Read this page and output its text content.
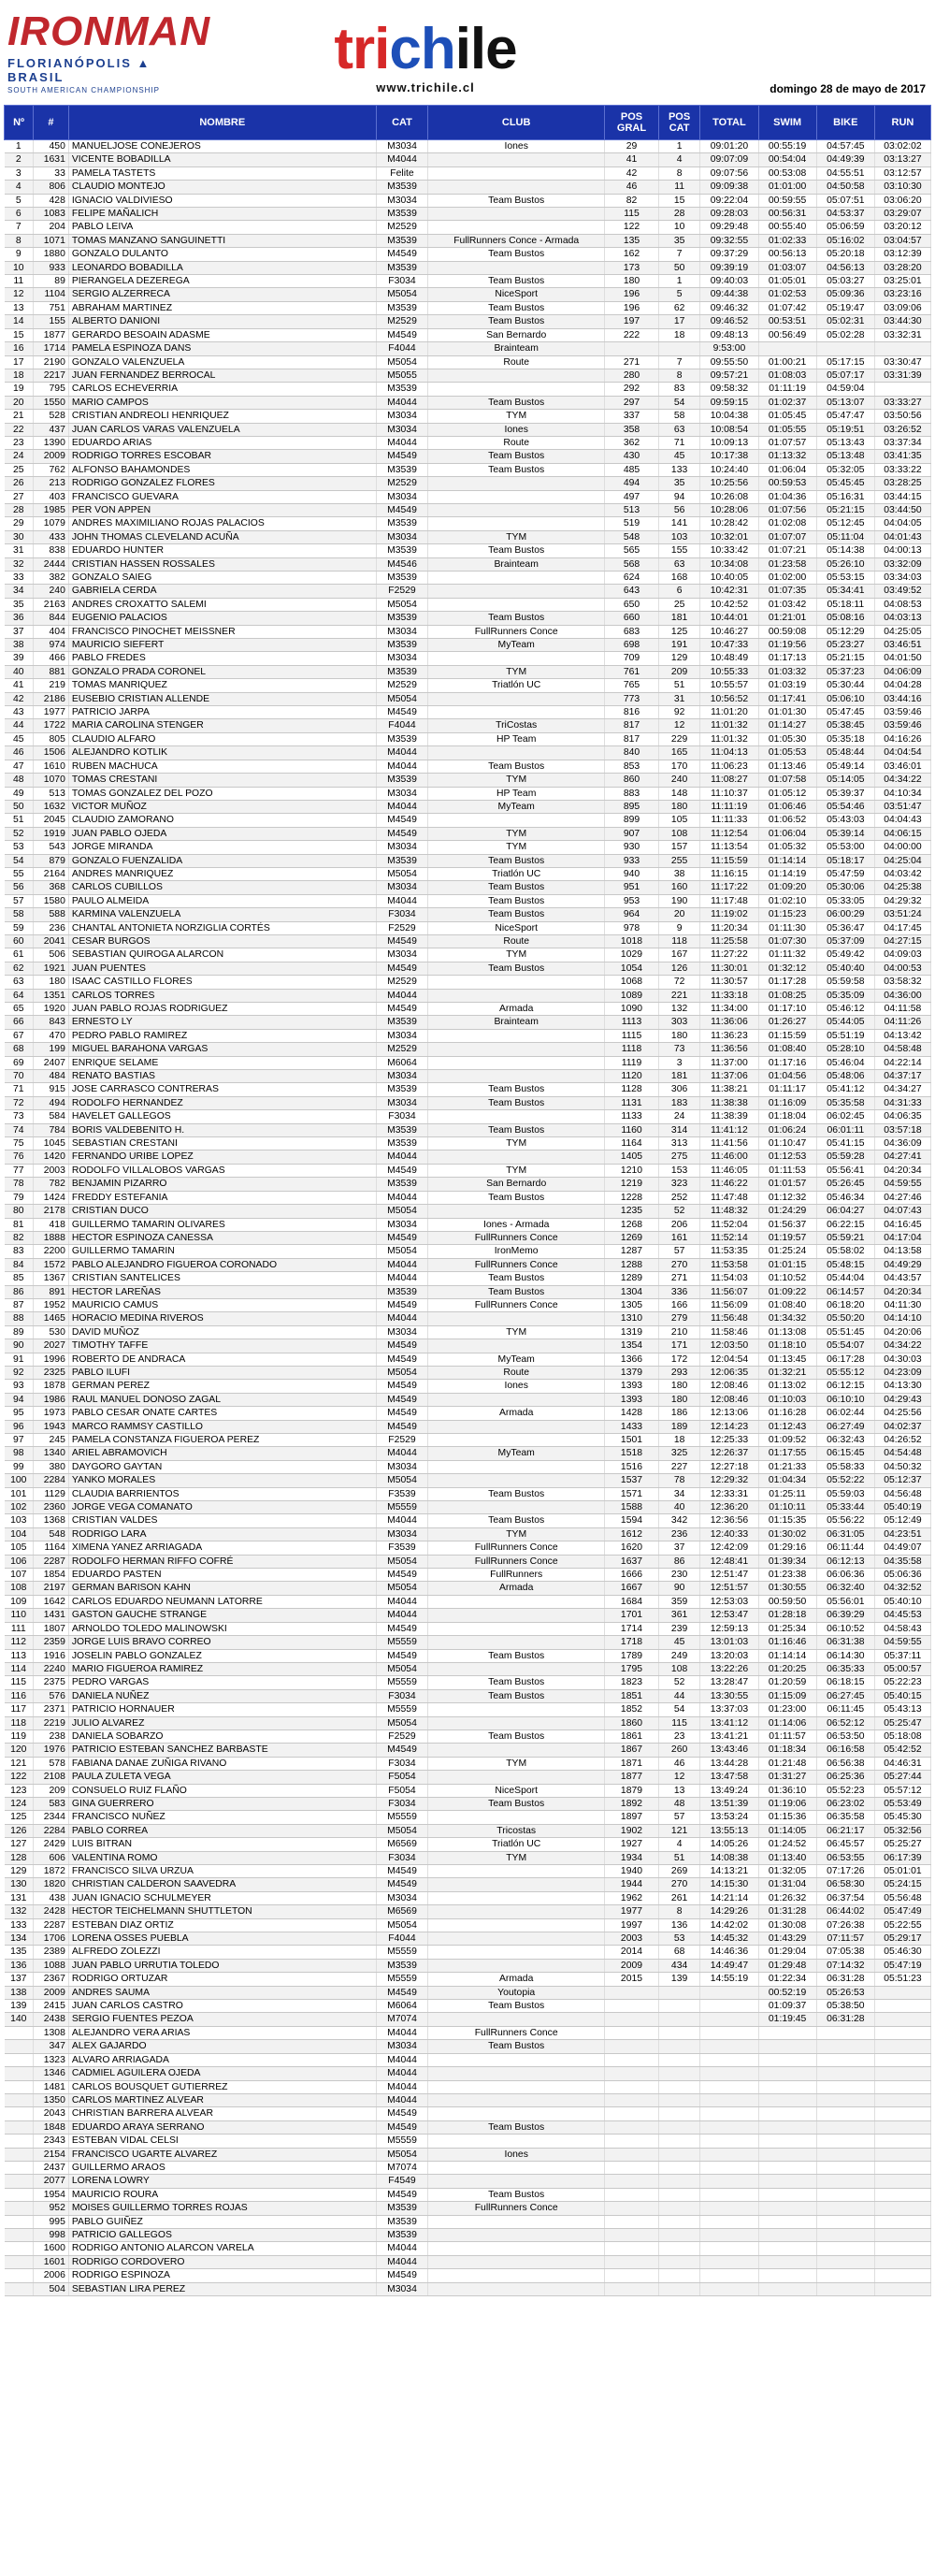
IRONMAN
FLORIANÓPOLIS ▲ BRASIL
SOUTH AMERICAN CHAMPIONSHIP
trichile
www.trichile.cl	domingo 28 de mayo de 2017
Nº	#	NOMBRE	CAT	CLUB	POS GRAL	POS CAT	TOTAL	SWIM	BIKE	RUN
1	450	MANUELJOSE CONEJEROS	M3034	Iones	29	1	09:01:20	00:55:19	04:57:45	03:02:02
2	1631	VICENTE BOBADILLA	M4044		41	4	09:07:09	00:54:04	04:49:39	03:13:27
3	33	PAMELA TASTETS	Felite		42	8	09:07:56	00:53:08	04:55:51	03:12:57
4	806	CLAUDIO MONTEJO	M3539		46	11	09:09:38	01:01:00	04:50:58	03:10:30
5	428	IGNACIO VALDIVIESO	M3034	Team Bustos	82	15	09:22:04	00:59:55	05:07:51	03:06:20
6	1083	FELIPE MAÑALICH	M3539		115	28	09:28:03	00:56:31	04:53:37	03:29:07
7	204	PABLO LEIVA	M2529		122	10	09:29:48	00:55:40	05:06:59	03:20:12
8	1071	TOMAS MANZANO SANGUINETTI	M3539	FullRunners Conce - Armada	135	35	09:32:55	01:02:33	05:16:02	03:04:57
9	1880	GONZALO DULANTO	M4549	Team Bustos	162	7	09:37:29	00:56:13	05:20:18	03:12:39
10	933	LEONARDO BOBADILLA	M3539		173	50	09:39:19	01:03:07	04:56:13	03:28:20
11	89	PIERANGELA DEZEREGA	F3034	Team Bustos	180	1	09:40:03	01:05:01	05:03:27	03:25:01
12	1104	SERGIO ALZERRECA	M5054	NiceSport	196	5	09:44:38	01:02:53	05:09:36	03:23:16
13	751	ABRAHAM MARTINEZ	M3539	Team Bustos	196	62	09:46:32	01:07:42	05:19:47	03:09:06
14	155	ALBERTO DANIONI	M2529	Team Bustos	197	17	09:46:52	00:53:51	05:02:31	03:44:30
15	1877	GERARDO BESOAIN ADASME	M4549	San Bernardo	222	18	09:48:13	00:56:49	05:02:28	03:32:31
16	1714	PAMELA ESPINOZA DANS	F4044	Brainteam			9:53:00			
17	2190	GONZALO VALENZUELA	M5054	Route	271	7	09:55:50	01:00:21	05:17:15	03:30:47
18	2217	JUAN FERNANDEZ BERROCAL	M5055		280	8	09:57:21	01:08:03	05:07:17	03:31:39
19	795	CARLOS ECHEVERRIA	M3539		292	83	09:58:32	01:11:19	04:59:04	
20	1550	MARIO CAMPOS	M4044	Team Bustos	297	54	09:59:15	01:02:37	05:13:07	03:33:27
21	528	CRISTIAN ANDREOLI HENRIQUEZ	M3034	TYM	337	58	10:04:38	01:05:45	05:47:47	03:50:56
22	437	JUAN CARLOS VARAS VALENZUELA	M3034	Iones	358	63	10:08:54	01:05:55	05:19:51	03:26:52
23	1390	EDUARDO ARIAS	M4044	Route	362	71	10:09:13	01:07:57	05:13:43	03:37:34
24	2009	RODRIGO TORRES ESCOBAR	M4549	Team Bustos	430	45	10:17:38	01:13:32	05:13:48	03:41:35
25	762	ALFONSO BAHAMONDES	M3539	Team Bustos	485	133	10:24:40	01:06:04	05:32:05	03:33:22
26	213	RODRIGO GONZALEZ FLORES	M2529		494	35	10:25:56	00:59:53	05:45:45	03:28:25
27	403	FRANCISCO GUEVARA	M3034		497	94	10:26:08	01:04:36	05:16:31	03:44:15
28	1985	PER VON APPEN	M4549		513	56	10:28:06	01:07:56	05:21:15	03:44:50
29	1079	ANDRES MAXIMILIANO ROJAS PALACIOS	M3539		519	141	10:28:42	01:02:08	05:12:45	04:04:05
30	433	JOHN THOMAS CLEVELAND ACUÑA	M3034	TYM	548	103	10:32:01	01:07:07	05:11:04	04:01:43
31	838	EDUARDO HUNTER	M3539	Team Bustos	565	155	10:33:42	01:07:21	05:14:38	04:00:13
32	2444	CRISTIAN HASSEN ROSSALES	M4546	Brainteam	568	63	10:34:08	01:23:58	05:26:10	03:32:09
33	382	GONZALO SAIEG	M3539		624	168	10:40:05	01:02:00	05:53:15	03:34:03
34	240	GABRIELA CERDA	F2529		643	6	10:42:31	01:07:35	05:34:41	03:49:52
35	2163	ANDRES CROXATTO SALEMI	M5054		650	25	10:42:52	01:03:42	05:18:11	04:08:53
36	844	EUGENIO PALACIOS	M3539	Team Bustos	660	181	10:44:01	01:21:01	05:08:16	04:03:13
37	404	FRANCISCO PINOCHET MEISSNER	M3034	FullRunners Conce	683	125	10:46:27	00:59:08	05:12:29	04:25:05
38	974	MAURICIO SIEFERT	M3539	MyTeam	698	191	10:47:33	01:19:56	05:23:27	03:46:51
39	466	PABLO FREDES	M3034		709	129	10:48:49	01:17:13	05:21:15	04:01:50
40	881	GONZALO PRADA CORONEL	M3539	TYM	761	209	10:55:33	01:03:32	05:37:23	04:06:09
41	219	TOMAS MANRIQUEZ	M2529	Triatlón UC	765	51	10:55:57	01:03:19	05:30:44	04:04:28
42	2186	EUSEBIO CRISTIAN ALLENDE	M5054		773	31	10:56:52	01:17:41	05:06:10	03:44:16
43	1977	PATRICIO JARPA	M4549		816	92	11:01:20	01:01:30	05:47:45	03:59:46
44	1722	MARIA CAROLINA STENGER	F4044	TriCostas	817	12	11:01:32	01:14:27	05:38:45	03:59:46
45	805	CLAUDIO ALFARO	M3539	HP Team	817	229	11:01:32	01:05:30	05:35:18	04:16:26
46	1506	ALEJANDRO KOTLIK	M4044		840	165	11:04:13	01:05:53	05:48:44	04:04:54
47	1610	RUBEN MACHUCA	M4044	Team Bustos	853	170	11:06:23	01:13:46	05:49:14	03:46:01
48	1070	TOMAS CRESTANI	M3539	TYM	860	240	11:08:27	01:07:58	05:14:05	04:34:22
49	513	TOMAS GONZALEZ DEL POZO	M3034	HP Team	883	148	11:10:37	01:05:12	05:39:37	04:10:34
50	1632	VICTOR MUÑOZ	M4044	MyTeam	895	180	11:11:19	01:06:46	05:54:46	03:51:47
51	2045	CLAUDIO ZAMORANO	M4549		899	105	11:11:33	01:06:52	05:43:03	04:04:43
52	1919	JUAN PABLO OJEDA	M4549	TYM	907	108	11:12:54	01:06:04	05:39:14	04:06:15
53	543	JORGE MIRANDA	M3034	TYM	930	157	11:13:54	01:05:32	05:53:00	04:00:00
54	879	GONZALO FUENZALIDA	M3539	Team Bustos	933	255	11:15:59	01:14:14	05:18:17	04:25:04
55	2164	ANDRES MANRIQUEZ	M5054	Triatlón UC	940	38	11:16:15	01:14:19	05:47:59	04:03:42
56	368	CARLOS CUBILLOS	M3034	Team Bustos	951	160	11:17:22	01:09:20	05:30:06	04:25:38
57	1580	PAULO ALMEIDA	M4044	Team Bustos	953	190	11:17:48	01:02:10	05:33:05	04:29:32
58	588	KARMINA VALENZUELA	F3034	Team Bustos	964	20	11:19:02	01:15:23	06:00:29	03:51:24
59	236	CHANTAL ANTONIETA NORZIGLIA CORTÉS	F2529	NiceSport	978	9	11:20:34	01:11:30	05:36:47	04:17:45
60	2041	CESAR BURGOS	M4549	Route	1018	118	11:25:58	01:07:30	05:37:09	04:27:15
61	506	SEBASTIAN QUIROGA ALARCON	M3034	TYM	1029	167	11:27:22	01:11:32	05:49:42	04:09:03
62	1921	JUAN PUENTES	M4549	Team Bustos	1054	126	11:30:01	01:32:12	05:40:40	04:00:53
63	180	ISAAC CASTILLO FLORES	M2529		1068	72	11:30:57	01:17:28	05:59:58	03:58:32
64	1351	CARLOS TORRES	M4044		1089	221	11:33:18	01:08:25	05:35:09	04:36:00
65	1920	JUAN PABLO ROJAS RODRIGUEZ	M4549	Armada	1090	132	11:34:00	01:17:10	05:46:12	04:11:58
66	843	ERNESTO LY	M3539	Brainteam	1113	303	11:36:06	01:26:27	05:44:05	04:11:26
67	470	PEDRO PABLO RAMIREZ	M3034		1115	180	11:36:23	01:15:59	05:51:19	04:13:42
68	199	MIGUEL BARAHONA VARGAS	M2529		1118	73	11:36:56	01:08:40	05:28:10	04:58:48
69	2407	ENRIQUE SELAME	M6064		1119	3	11:37:00	01:17:16	05:46:04	04:22:14
70	484	RENATO BASTIAS	M3034		1120	181	11:37:06	01:04:56	05:48:06	04:37:17
71	915	JOSE CARRASCO CONTRERAS	M3539	Team Bustos	1128	306	11:38:21	01:11:17	05:41:12	04:34:27
72	494	RODOLFO HERNANDEZ	M3034	Team Bustos	1131	183	11:38:38	01:16:09	05:35:58	04:31:33
73	584	HAVELET GALLEGOS	F3034		1133	24	11:38:39	01:18:04	06:02:45	04:06:35
74	784	BORIS VALDEBENITO H.	M3539	Team Bustos	1160	314	11:41:12	01:06:24	06:01:11	03:57:18
75	1045	SEBASTIAN CRESTANI	M3539	TYM	1164	313	11:41:56	01:10:47	05:41:15	04:36:09
76	1420	FERNANDO URIBE LOPEZ	M4044		1405	275	11:46:00	01:12:53	05:59:28	04:27:41
77	2003	RODOLFO VILLALOBOS VARGAS	M4549	TYM	1210	153	11:46:05	01:11:53	05:56:41	04:20:34
78	782	BENJAMIN PIZARRO	M3539	San Bernardo	1219	323	11:46:22	01:01:57	05:26:45	04:59:55
79	1424	FREDDY ESTEFANIA	M4044	Team Bustos	1228	252	11:47:48	01:12:32	05:46:34	04:27:46
80	2178	CRISTIAN DUCO	M5054		1235	52	11:48:32	01:24:29	06:04:27	04:07:43
81	418	GUILLERMO TAMARIN OLIVARES	M3034	Iones - Armada	1268	206	11:52:04	01:56:37	06:22:15	04:16:45
82	1888	HECTOR ESPINOZA CANESSA	M4549	FullRunners Conce	1269	161	11:52:14	01:19:57	05:59:21	04:17:04
83	2200	GUILLERMO TAMARIN	M5054	IronMemo	1287	57	11:53:35	01:25:24	05:58:02	04:13:58
84	1572	PABLO ALEJANDRO FIGUEROA CORONADO	M4044	FullRunners Conce	1288	270	11:53:58	01:01:15	05:48:15	04:49:29
85	1367	CRISTIAN SANTELICES	M4044	Team Bustos	1289	271	11:54:03	01:10:52	05:44:04	04:43:57
86	891	HECTOR LAREÑAS	M3539	Team Bustos	1304	336	11:56:07	01:09:22	06:14:57	04:20:34
87	1952	MAURICIO CAMUS	M4549	FullRunners Conce	1305	166	11:56:09	01:08:40	06:18:20	04:11:30
88	1465	HORACIO MEDINA RIVEROS	M4044		1310	279	11:56:48	01:34:32	05:50:20	04:14:10
89	530	DAVID MUÑOZ	M3034	TYM	1319	210	11:58:46	01:13:08	05:51:45	04:20:06
90	2027	TIMOTHY TAFFE	M4549		1354	171	12:03:50	01:18:10	05:54:07	04:34:22
91	1996	ROBERTO DE ANDRACA	M4549	MyTeam	1366	172	12:04:54	01:13:45	06:17:28	04:30:03
92	2325	PABLO ILUFI	M5054	Route	1379	293	12:06:35	01:32:21	05:55:12	04:23:09
93	1878	GERMAN PEREZ	M4549	Iones	1393	180	12:08:46	01:13:02	06:12:15	04:13:30
94	1986	RAUL MANUEL DONOSO ZAGAL	M4549		1393	180	12:08:46	01:10:03	06:10:10	04:29:43
95	1973	PABLO CESAR ONATE CARTES	M4549	Armada	1428	186	12:13:06	01:16:28	06:02:44	04:25:56
96	1943	MARCO RAMMSY CASTILLO	M4549		1433	189	12:14:23	01:12:43	06:27:49	04:02:37
97	245	PAMELA CONSTANZA FIGUEROA PEREZ	F2529		1501	18	12:25:33	01:09:52	06:32:43	04:26:52
98	1340	ARIEL ABRAMOVICH	M4044	MyTeam	1518	325	12:26:37	01:17:55	06:15:45	04:54:48
99	380	DAYGORO GAYTAN	M3034		1516	227	12:27:18	01:21:33	05:58:33	04:50:32
100	2284	YANKO MORALES	M5054		1537	78	12:29:32	01:04:34	05:52:22	05:12:37
101	1129	CLAUDIA BARRIENTOS	F3539	Team Bustos	1571	34	12:33:31	01:25:11	05:59:03	04:56:48
102	2360	JORGE VEGA COMANATO	M5559		1588	40	12:36:20	01:10:11	05:33:44	05:40:19
103	1368	CRISTIAN VALDES	M4044	Team Bustos	1594	342	12:36:56	01:15:35	05:56:22	05:12:49
104	548	RODRIGO LARA	M3034	TYM	1612	236	12:40:33	01:30:02	06:31:05	04:23:51
105	1164	XIMENA YANEZ ARRIAGADA	F3539	FullRunners Conce	1620	37	12:42:09	01:29:16	06:11:44	04:49:07
106	2287	RODOLFO HERMAN RIFFO COFRÉ	M5054	FullRunners Conce	1637	86	12:48:41	01:39:34	06:12:13	04:35:58
107	1854	EDUARDO PASTEN	M4549	FullRunners	1666	230	12:51:47	01:23:38	06:06:36	05:06:36
108	2197	GERMAN BARISON KAHN	M5054	Armada	1667	90	12:51:57	01:30:55	06:32:40	04:32:52
109	1642	CARLOS EDUARDO NEUMANN LATORRE	M4044		1684	359	12:53:03	00:59:50	05:56:01	05:40:10
110	1431	GASTON GAUCHE STRANGE	M4044		1701	361	12:53:47	01:28:18	06:39:29	04:45:53
111	1807	ARNOLDO TOLEDO MALINOWSKI	M4549		1714	239	12:59:13	01:25:34	06:10:52	04:58:43
112	2359	JORGE LUIS BRAVO CORREO	M5559		1718	45	13:01:03	01:16:46	06:31:38	04:59:55
113	1916	JOSELIN PABLO GONZALEZ	M4549	Team Bustos	1789	249	13:20:03	01:14:14	06:14:30	05:37:11
114	2240	MARIO FIGUEROA RAMIREZ	M5054		1795	108	13:22:26	01:20:25	06:35:33	05:00:57
115	2375	PEDRO VARGAS	M5559	Team Bustos	1823	52	13:28:47	01:20:59	06:18:15	05:22:23
116	576	DANIELA NUÑEZ	F3034	Team Bustos	1851	44	13:30:55	01:15:09	06:27:45	05:40:15
117	2371	PATRICIO HORNAUER	M5559		1852	54	13:37:03	01:23:00	06:11:45	05:43:13
118	2219	JULIO ALVAREZ	M5054		1860	115	13:41:12	01:14:06	06:52:12	05:25:47
119	238	DANIELA SOBARZO	F2529	Team Bustos	1861	23	13:41:21	01:11:57	06:53:50	05:18:08
120	1976	PATRICIO ESTEBAN SANCHEZ BARBASTE	M4549		1867	260	13:43:46	01:18:34	06:16:58	05:42:52
121	578	FABIANA DANAE ZUÑIGA RIVANO	F3034	TYM	1871	46	13:44:28	01:21:48	06:56:38	04:46:31
122	2108	PAULA ZULETA VEGA	F5054		1877	12	13:47:58	01:31:27	06:25:36	05:27:44
123	209	CONSUELO RUIZ FLAÑO	F5054	NiceSport	1879	13	13:49:24	01:36:10	05:52:23	05:57:12
124	583	GINA GUERRERO	F3034	Team Bustos	1892	48	13:51:39	01:19:06	06:23:02	05:53:49
125	2344	FRANCISCO NUÑEZ	M5559		1897	57	13:53:24	01:15:36	06:35:58	05:45:30
126	2284	PABLO CORREA	M5054	Tricostas	1902	121	13:55:13	01:14:05	06:21:17	05:32:56
127	2429	LUIS BITRAN	M6569	Triatlón UC	1927	4	14:05:26	01:24:52	06:45:57	05:25:27
128	606	VALENTINA ROMO	F3034	TYM	1934	51	14:08:38	01:13:40	06:53:55	06:17:39
129	1872	FRANCISCO SILVA URZUA	M4549		1940	269	14:13:21	01:32:05	07:17:26	05:01:01
130	1820	CHRISTIAN CALDERON SAAVEDRA	M4549		1944	270	14:15:30	01:31:04	06:58:30	05:24:15
131	438	JUAN IGNACIO SCHULMEYER	M3034		1962	261	14:21:14	01:26:32	06:37:54	05:56:48
132	2428	HECTOR TEICHELMANN SHUTTLETON	M6569		1977	8	14:29:26	01:31:28	06:44:02	05:47:49
133	2287	ESTEBAN DIAZ ORTIZ	M5054		1997	136	14:42:02	01:30:08	07:26:38	05:22:55
134	1706	LORENA OSSES PUEBLA	F4044		2003	53	14:45:32	01:43:29	07:11:57	05:29:17
135	2389	ALFREDO ZOLEZZI	M5559		2014	68	14:46:36	01:29:04	07:05:38	05:46:30
136	1088	JUAN PABLO URRUTIA TOLEDO	M3539		2009	434	14:49:47	01:29:48	07:14:32	05:47:19
137	2367	RODRIGO ORTUZAR	M5559	Armada	2015	139	14:55:19	01:22:34	06:31:28	05:51:23
138	2009	ANDRES SAUMA	M4549	Youtopia				00:52:19	05:26:53	
139	2415	JUAN CARLOS CASTRO	M6064	Team Bustos				01:09:37	05:38:50	
140	2438	SERGIO FUENTES PEZOA	M7074					01:19:45	06:31:28	
	1308	ALEJANDRO VERA ARIAS	M4044	FullRunners Conce						
	347	ALEX GAJARDO	M3034	Team Bustos						
	1323	ALVARO ARRIAGADA	M4044							
	1346	CADMIEL AGUILERA OJEDA	M4044							
	1481	CARLOS BOUSQUET GUTIERREZ	M4044							
	1350	CARLOS MARTINEZ ALVEAR	M4044							
	2043	CHRISTIAN BARRERA ALVEAR	M4549							
	1848	EDUARDO ARAYA SERRANO	M4549	Team Bustos						
	2343	ESTEBAN VIDAL CELSI	M5559							
	2154	FRANCISCO UGARTE ALVAREZ	M5054	Iones						
	2437	GUILLERMO ARAOS	M7074							
	2077	LORENA LOWRY	F4549							
	1954	MAURICIO ROURA	M4549	Team Bustos						
	952	MOISES GUILLERMO TORRES ROJAS	M3539	FullRunners Conce						
	995	PABLO GUIÑEZ	M3539							
	998	PATRICIO GALLEGOS	M3539							
	1600	RODRIGO ANTONIO ALARCON VARELA	M4044							
	1601	RODRIGO CORDOVERO	M4044							
	2006	RODRIGO ESPINOZA	M4549							
	504	SEBASTIAN LIRA PEREZ	M3034							
